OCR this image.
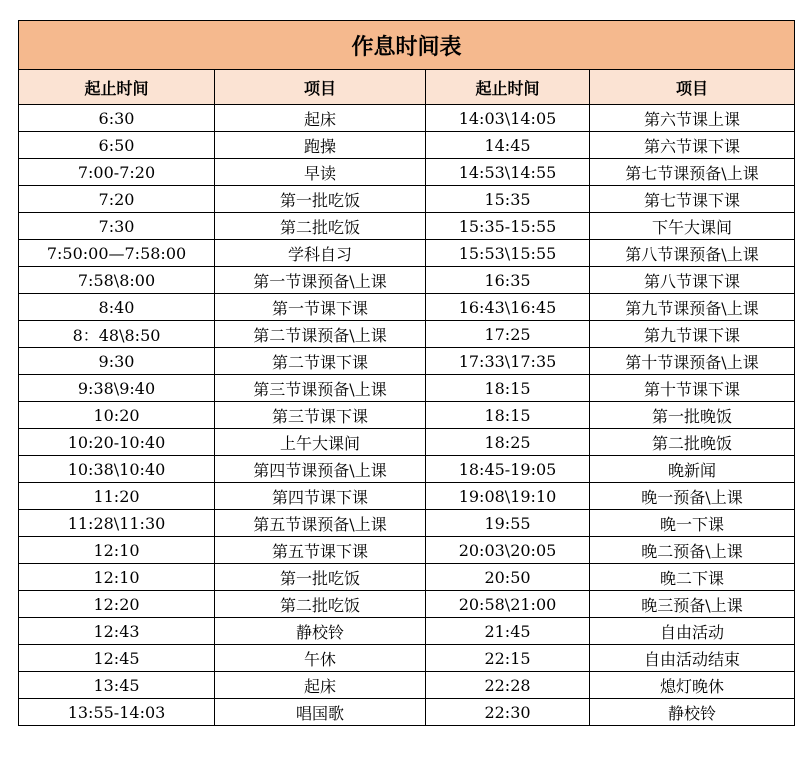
作息时间表			
起止时间	项目	起止时间	项目
6:30	起床	14:03\14:05	第六节课上课
6:50	跑操	14:45	第六节课下课
7:00-7:20	早读	14:53\14:55	第七节课预备\上课
7:20	第一批吃饭	15:35	第七节课下课
7:30	第二批吃饭	15:35-15:55	下午大课间
7:50:00—7:58:00	学科自习	15:53\15:55	第八节课预备\上课
7:58\8:00	第一节课预备\上课	16:35	第八节课下课
8:40	第一节课下课	16:43\16:45	第九节课预备\上课
8：48\8:50	第二节课预备\上课	17:25	第九节课下课
9:30	第二节课下课	17:33\17:35	第十节课预备\上课
9:38\9:40	第三节课预备\上课	18:15	第十节课下课
10:20	第三节课下课	18:15	第一批晚饭
10:20-10:40	上午大课间	18:25	第二批晚饭
10:38\10:40	第四节课预备\上课	18:45-19:05	晚新闻
11:20	第四节课下课	19:08\19:10	晚一预备\上课
11:28\11:30	第五节课预备\上课	19:55	晚一下课
12:10	第五节课下课	20:03\20:05	晚二预备\上课
12:10	第一批吃饭	20:50	晚二下课
12:20	第二批吃饭	20:58\21:00	晚三预备\上课
12:43	静校铃	21:45	自由活动
12:45	午休	22:15	自由活动结束
13:45	起床	22:28	熄灯晚休
13:55-14:03	唱国歌	22:30	静校铃
